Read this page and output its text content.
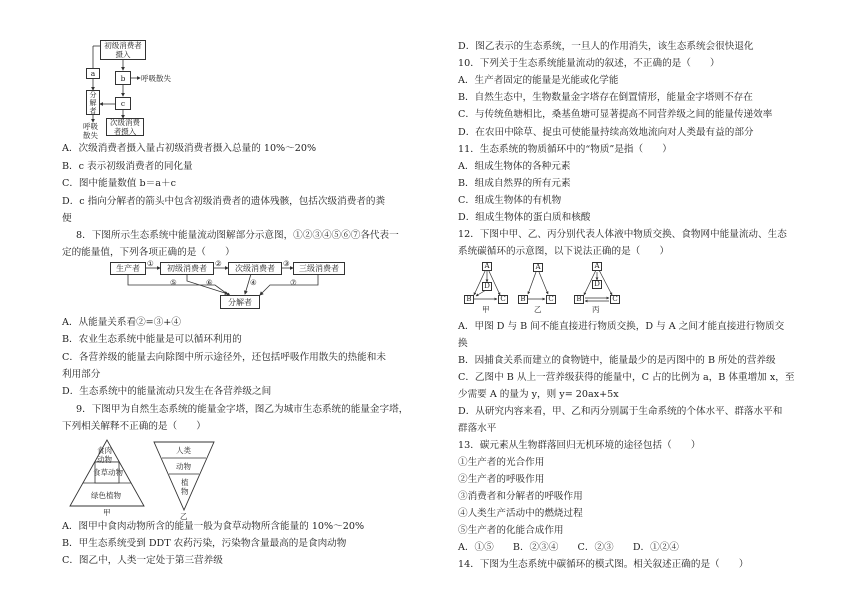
初级消费者
摄入
a	b	呼吸散失
分
解
者
c
呼吸
散失
次级消费
者摄入
A．次级消费者摄入量占初级消费者摄入总量的 10%～20%
B．c 表示初级消费者的同化量
C．图中能量数值 b＝a＋c
D．c 指向分解者的箭头中包含初级消费者的遗体残骸，包括次级消费者的粪
便
8．下图所示生态系统中能量流动图解部分示意图，①②③④⑤⑥⑦各代表一
定的能量值，下列各项正确的是（　　）
生产者
①
初级消费者
②
次级消费者
③
三级消费者
⑤	⑥	④	⑦
分解者
A．从能量关系看②=③+④
B．农业生态系统中能量是可以循环利用的
C．各营养级的能量去向除图中所示途径外，还包括呼吸作用散失的热能和未
利用部分
D．生态系统中的能量流动只发生在各营养级之间
9．下图甲为自然生态系统的能量金字塔，图乙为城市生态系统的能量金字塔，
下列相关解释不正确的是（　　）
食肉
动物
食草动物
绿色植物
人类
动物
植
物
甲	乙
A．图甲中食肉动物所含的能量一般为食草动物所含能量的 10%～20%
B．甲生态系统受到 DDT 农药污染，污染物含量最高的是食肉动物
C．图乙中，人类一定处于第三营养级
D．图乙表示的生态系统，一旦人的作用消失，该生态系统会很快退化
10．下列关于生态系统能量流动的叙述，不正确的是（　　）
A．生产者固定的能量是光能或化学能
B．自然生态中，生物数量金字塔存在倒置情形，能量金字塔则不存在
C．与传统鱼塘相比，桑基鱼塘可显著提高不同营养级之间的能量传递效率
D．在农田中除草、捉虫可使能量持续高效地流向对人类最有益的部分
11．生态系统的物质循环中的“物质”是指（　　）
A．组成生物体的各种元素
B．组成自然界的所有元素
C．组成生物体的有机物
D．组成生物体的蛋白质和核酸
12．下图中甲、乙、丙分别代表人体液中物质交换、食物网中能量流动、生态
系统碳循环的示意图，以下说法正确的是（　　）
A
D
B	C
A
B	C
A
D
B	C
甲	乙	丙
A．甲图 D 与 B 间不能直接进行物质交换，D 与 A 之间才能直接进行物质交
换
B．因捕食关系而建立的食物链中，能量最少的是丙图中的 B 所处的营养级
C．乙图中 B 从上一营养级获得的能量中，C 占的比例为 a，B 体重增加 x，至
少需要 A 的量为 y，则 y= 20ax+5x
D．从研究内容来看，甲、乙和丙分别属于生命系统的个体水平、群落水平和
群落水平
13．碳元素从生物群落回归无机环境的途径包括（　　）
①生产者的光合作用
②生产者的呼吸作用
③消费者和分解者的呼吸作用
④人类生产活动中的燃烧过程
⑤生产者的化能合成作用
A．①⑤　　B．②③④　　C．②③　　D．①②④
14．下图为生态系统中碳循环的模式图。相关叙述正确的是（　　）
